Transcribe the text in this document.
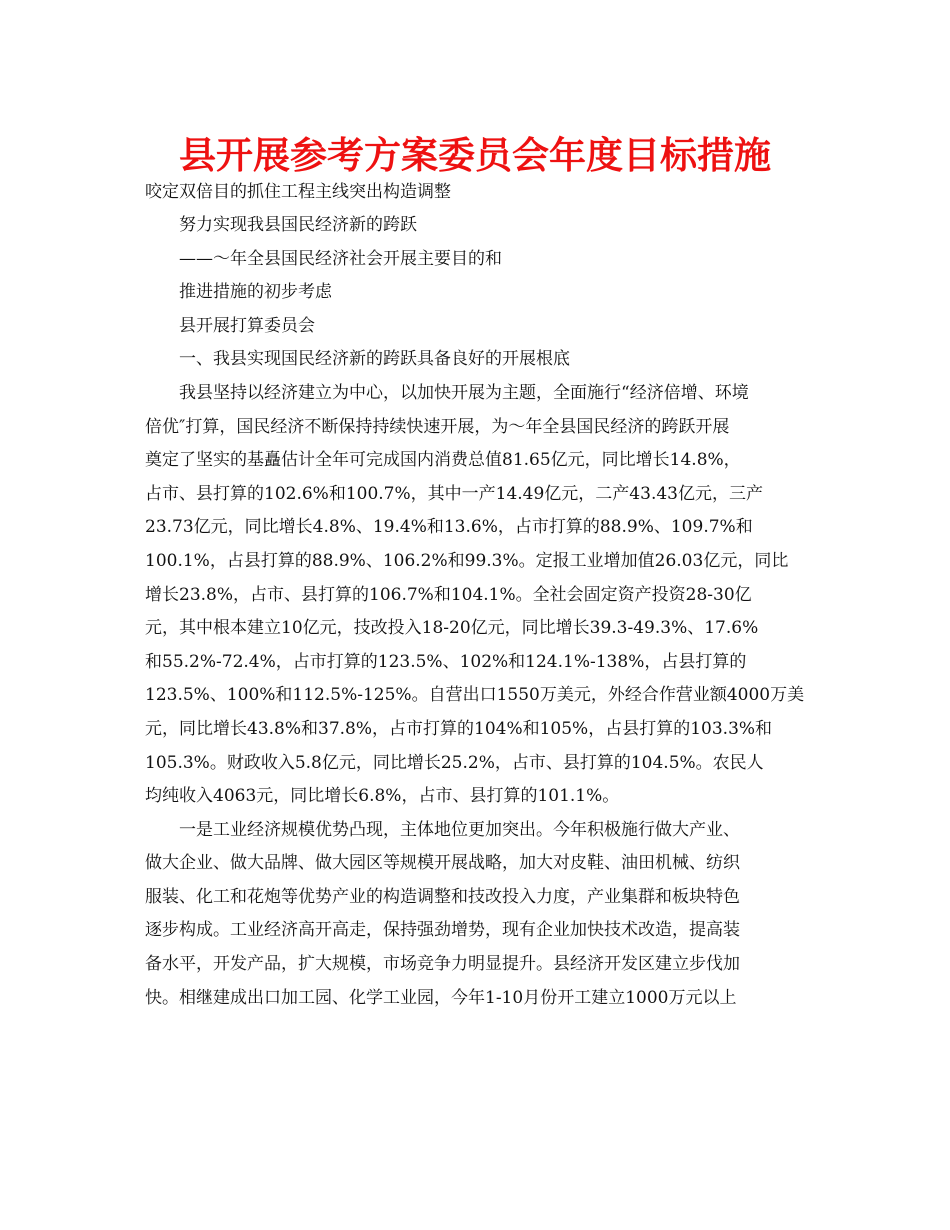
县开展参考方案委员会年度目标措施

咬定双倍目的抓住工程主线突出构造调整

努力实现我县国民经济新的跨跃

——～年全县国民经济社会开展主要目的和

推进措施的初步考虑

县开展打算委员会

一、我县实现国民经济新的跨跃具备良好的开展根底

我县坚持以经济建立为中心，以加快开展为主题，全面施行“经济倍增、环境

倍优″打算，国民经济不断保持持续快速开展，为～年全县国民经济的跨跃开展

奠定了坚实的基矗估计全年可完成国内消费总值81.65亿元，同比增长14.8%，

占市、县打算的102.6%和100.7%，其中一产14.49亿元，二产43.43亿元，三产

23.73亿元，同比增长4.8%、19.4%和13.6%，占市打算的88.9%、109.7%和

100.1%，占县打算的88.9%、106.2%和99.3%。定报工业增加值26.03亿元，同比

增长23.8%，占市、县打算的106.7%和104.1%。全社会固定资产投资28-30亿

元，其中根本建立10亿元，技改投入18-20亿元，同比增长39.3-49.3%、17.6%

和55.2%-72.4%，占市打算的123.5%、102%和124.1%-138%，占县打算的

123.5%、100%和112.5%-125%。自营出口1550万美元，外经合作营业额4000万美

元，同比增长43.8%和37.8%，占市打算的104%和105%，占县打算的103.3%和

105.3%。财政收入5.8亿元，同比增长25.2%，占市、县打算的104.5%。农民人

均纯收入4063元，同比增长6.8%，占市、县打算的101.1%。

一是工业经济规模优势凸现，主体地位更加突出。今年积极施行做大产业、

做大企业、做大品牌、做大园区等规模开展战略，加大对皮鞋、油田机械、纺织

服装、化工和花炮等优势产业的构造调整和技改投入力度，产业集群和板块特色

逐步构成。工业经济高开高走，保持强劲增势，现有企业加快技术改造，提高装

备水平，开发产品，扩大规模，市场竞争力明显提升。县经济开发区建立步伐加

快。相继建成出口加工园、化学工业园，今年1-10月份开工建立1000万元以上
